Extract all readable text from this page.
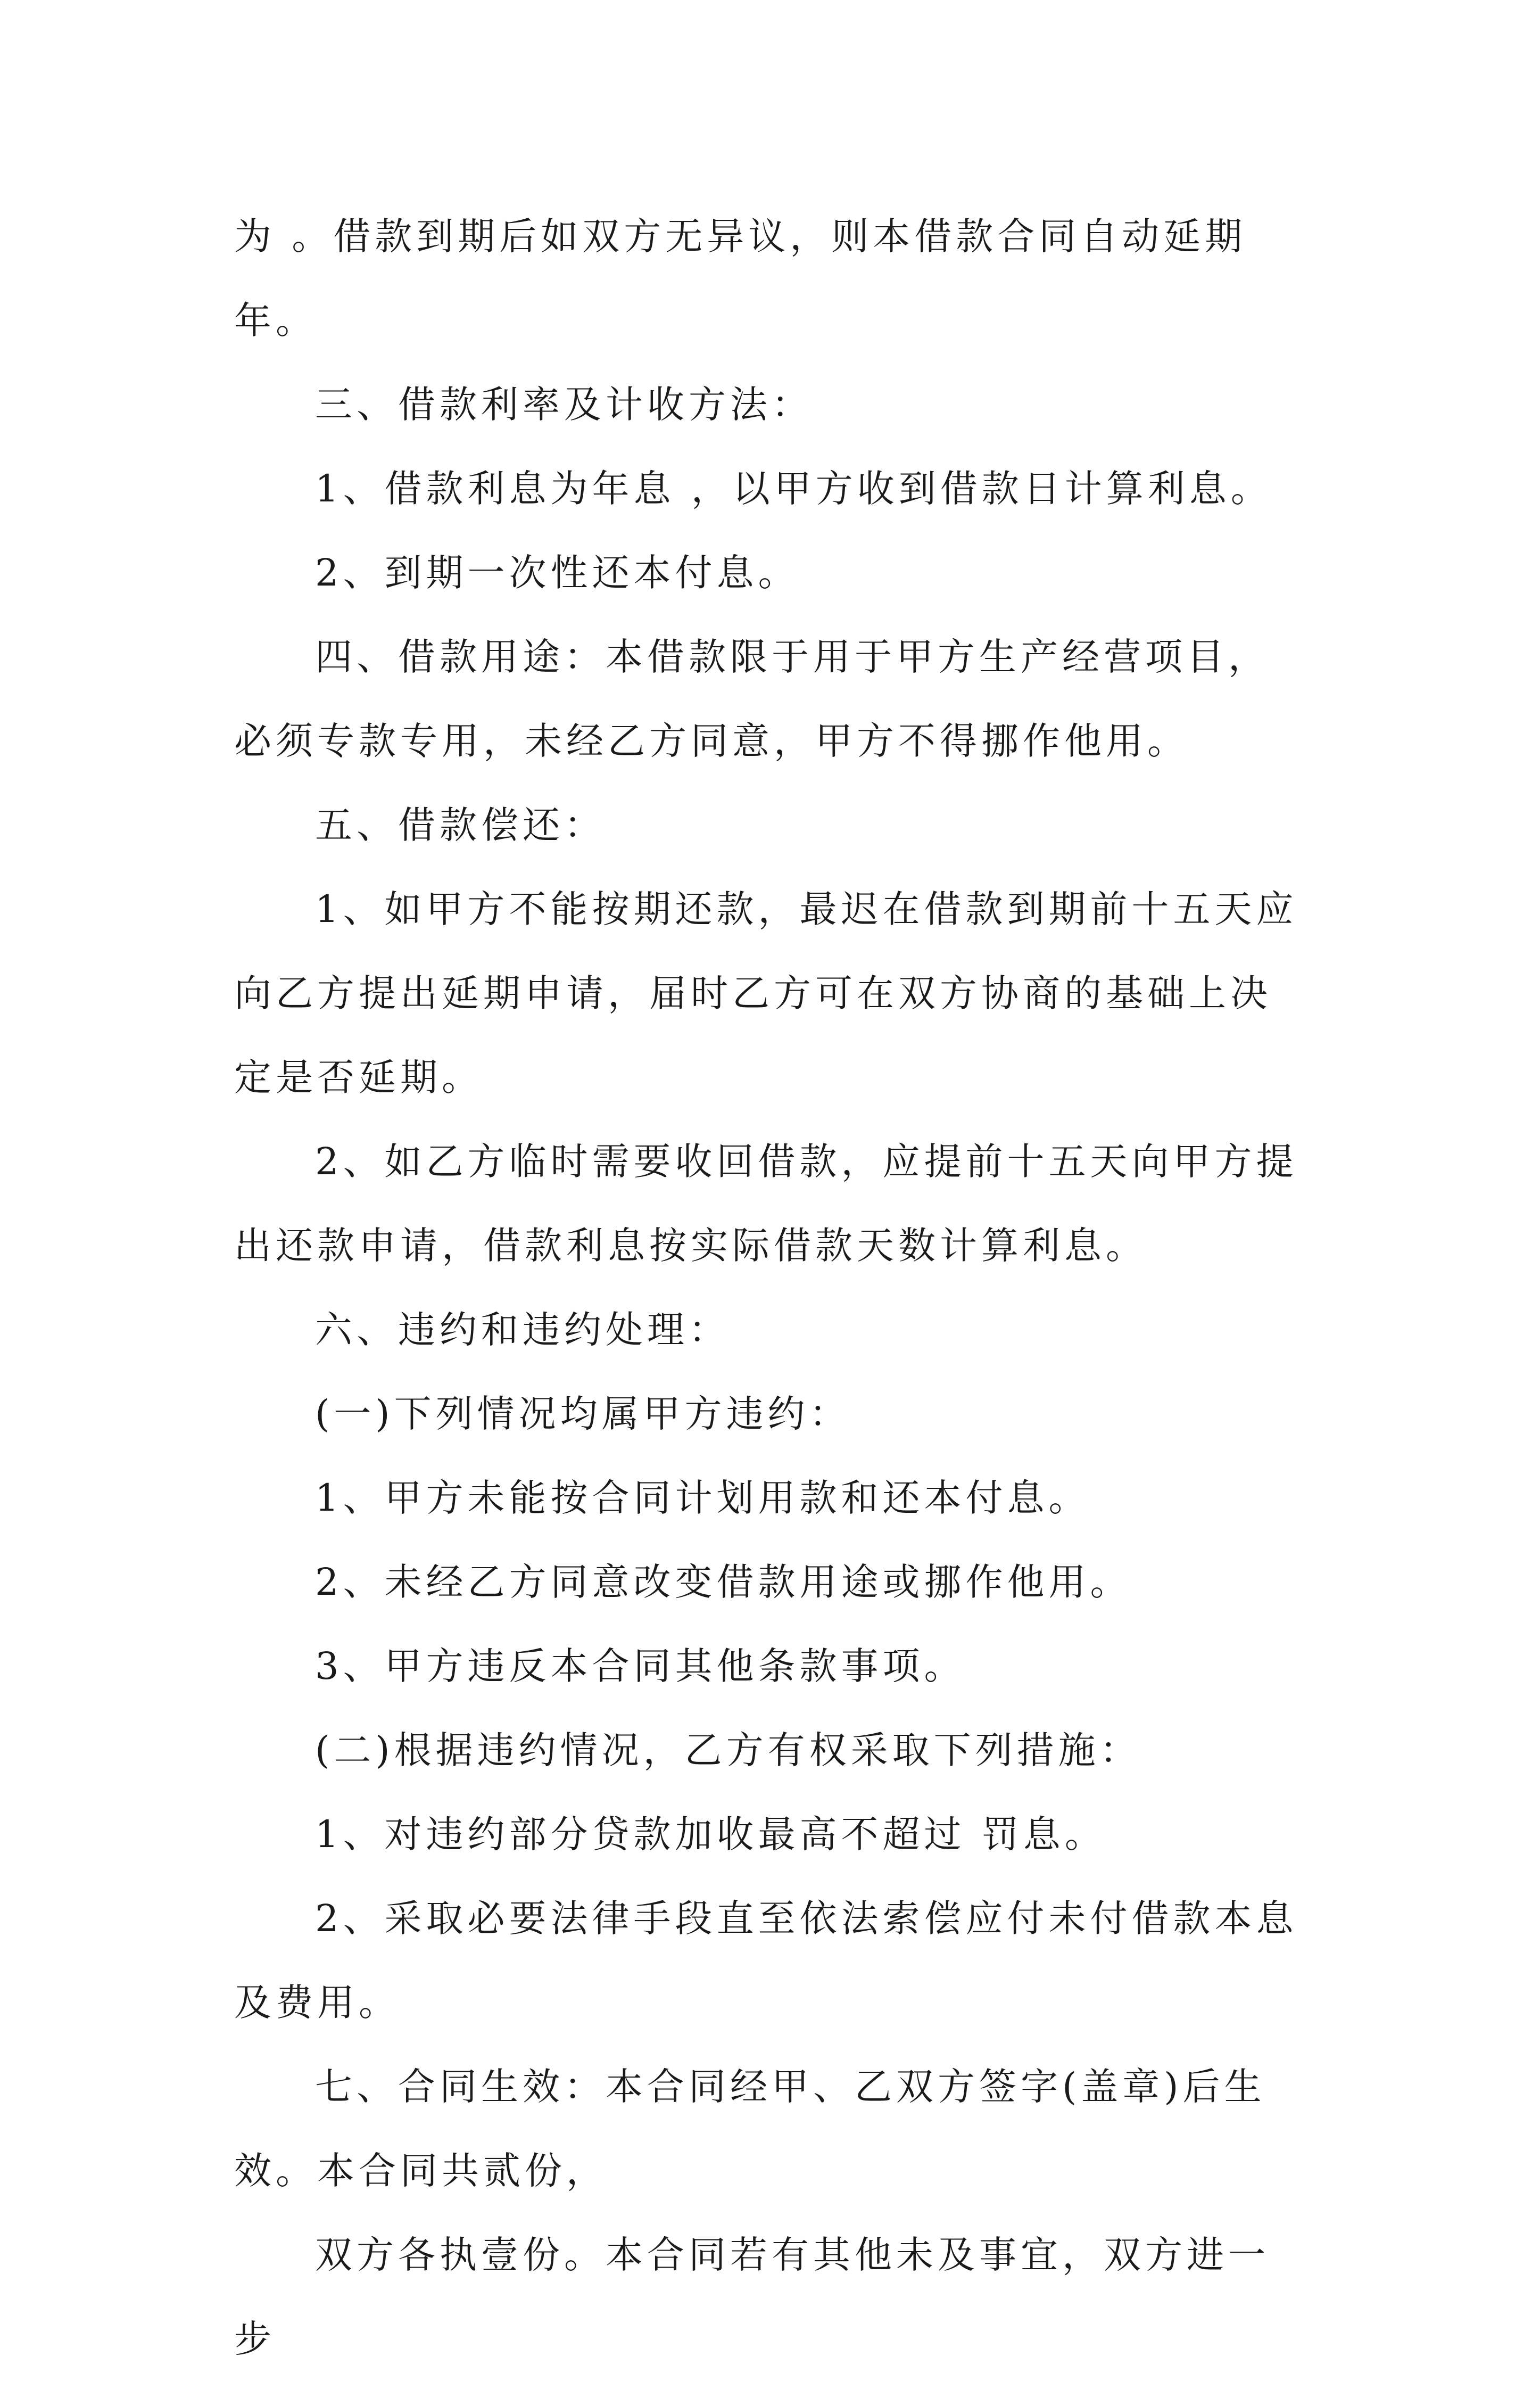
为 。借款到期后如双方无异议，则本借款合同自动延期 年。

三、借款利率及计收方法：

1、借款利息为年息 ，以甲方收到借款日计算利息。

2、到期一次性还本付息。

四、借款用途：本借款限于用于甲方生产经营项目，必须专款专用，未经乙方同意，甲方不得挪作他用。

五、借款偿还：

1、如甲方不能按期还款，最迟在借款到期前十五天应向乙方提出延期申请，届时乙方可在双方协商的基础上决定是否延期。

2、如乙方临时需要收回借款，应提前十五天向甲方提出还款申请，借款利息按实际借款天数计算利息。

六、违约和违约处理：

(一)下列情况均属甲方违约：

1、甲方未能按合同计划用款和还本付息。

2、未经乙方同意改变借款用途或挪作他用。

3、甲方违反本合同其他条款事项。

(二)根据违约情况，乙方有权采取下列措施：

1、对违约部分贷款加收最高不超过 罚息。

2、采取必要法律手段直至依法索偿应付未付借款本息及费用。

七、合同生效：本合同经甲、乙双方签字(盖章)后生效。本合同共贰份，

双方各执壹份。本合同若有其他未及事宜，双方进一步
